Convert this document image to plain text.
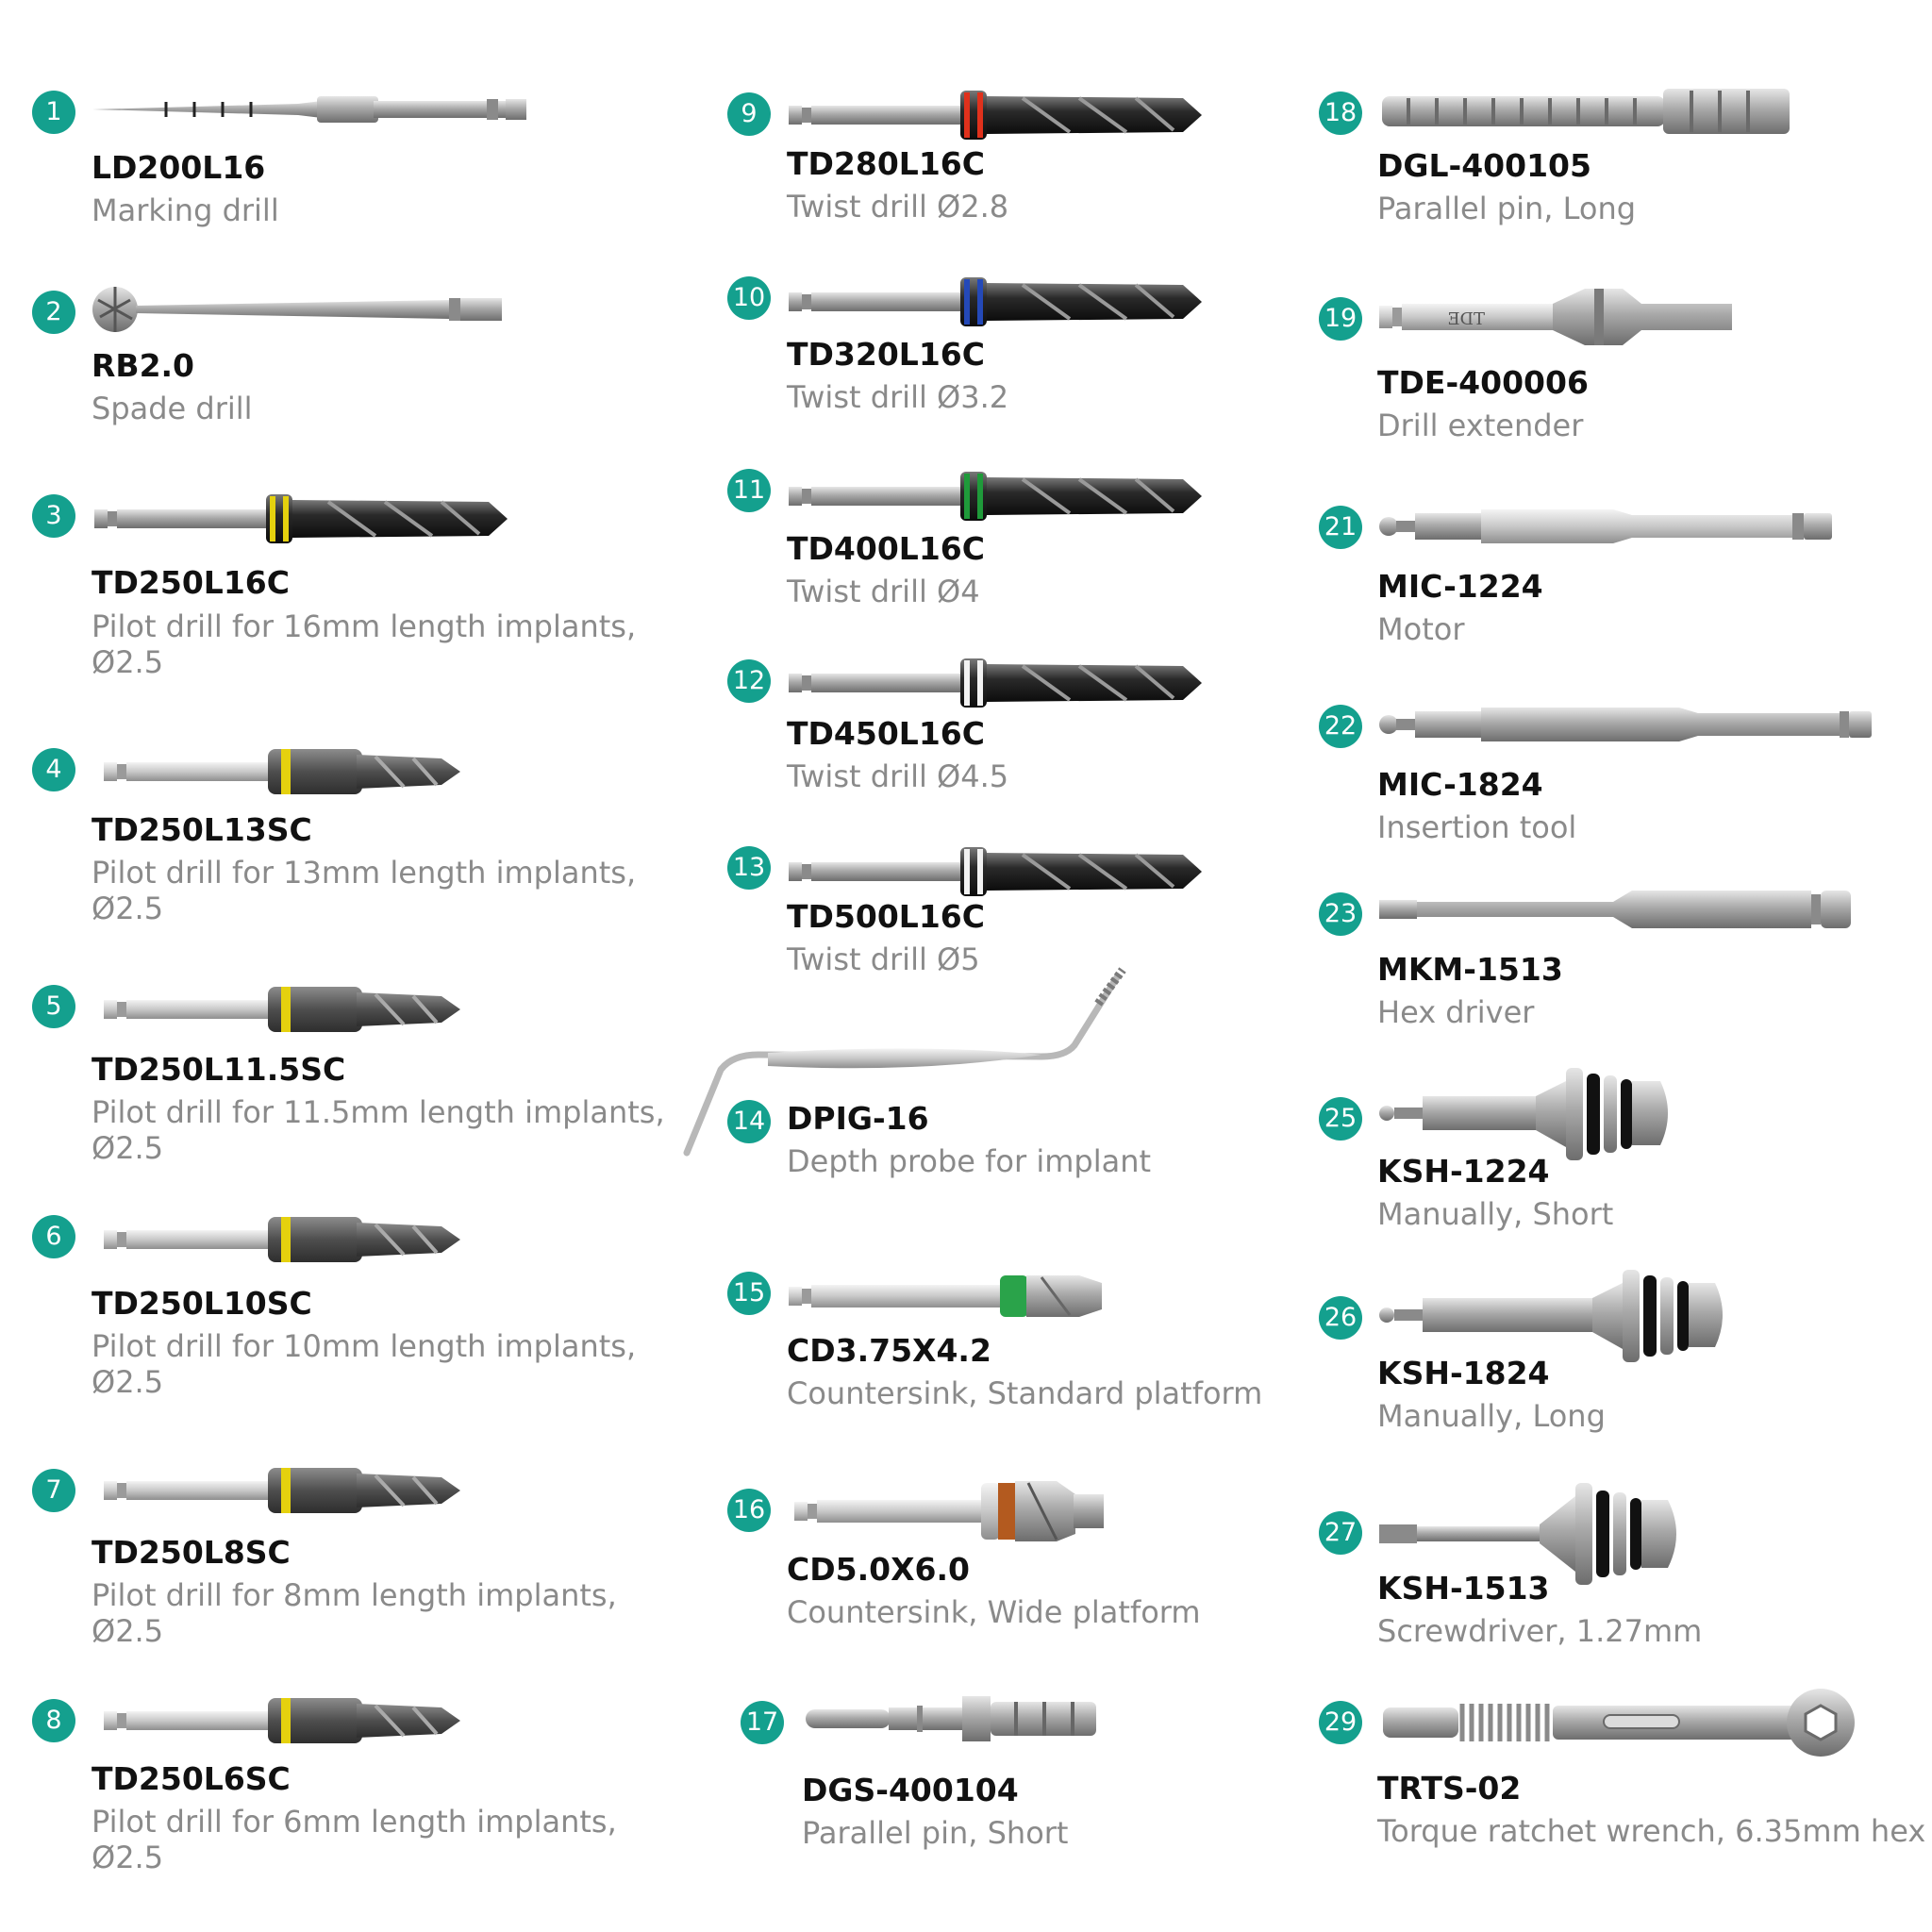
1
LD200L16
Marking drill
2
RB2.0
Spade drill
3
TD250L16C
Pilot drill for 16mm length implants,
Ø2.5
4
TD250L13SC
Pilot drill for 13mm length implants,
Ø2.5
5
TD250L11.5SC
Pilot drill for 11.5mm length implants,
Ø2.5
6
TD250L10SC
Pilot drill for 10mm length implants,
Ø2.5
7
TD250L8SC
Pilot drill for 8mm length implants,
Ø2.5
8
TD250L6SC
Pilot drill for 6mm length implants,
Ø2.5
9
TD280L16C
Twist drill Ø2.8
10
TD320L16C
Twist drill Ø3.2
11
TD400L16C
Twist drill Ø4
12
TD450L16C
Twist drill Ø4.5
13
TD500L16C
Twist drill Ø5
14 DPIG-16
Depth probe for implant
15
CD3.75X4.2
Countersink, Standard platform
16
CD5.0X6.0
Countersink, Wide platform
17
DGS-400104
Parallel pin, Short
18
DGL-400105
Parallel pin, Long
19	TDE
TDE-400006
Drill extender
21
MIC-1224
Motor
22
MIC-1824
Insertion tool
23
MKM-1513
Hex driver
25
KSH-1224
Manually, Short
26
KSH-1824
Manually, Long
27
KSH-1513
Screwdriver, 1.27mm
29
TRTS-02
Torque ratchet wrench, 6.35mm hex
